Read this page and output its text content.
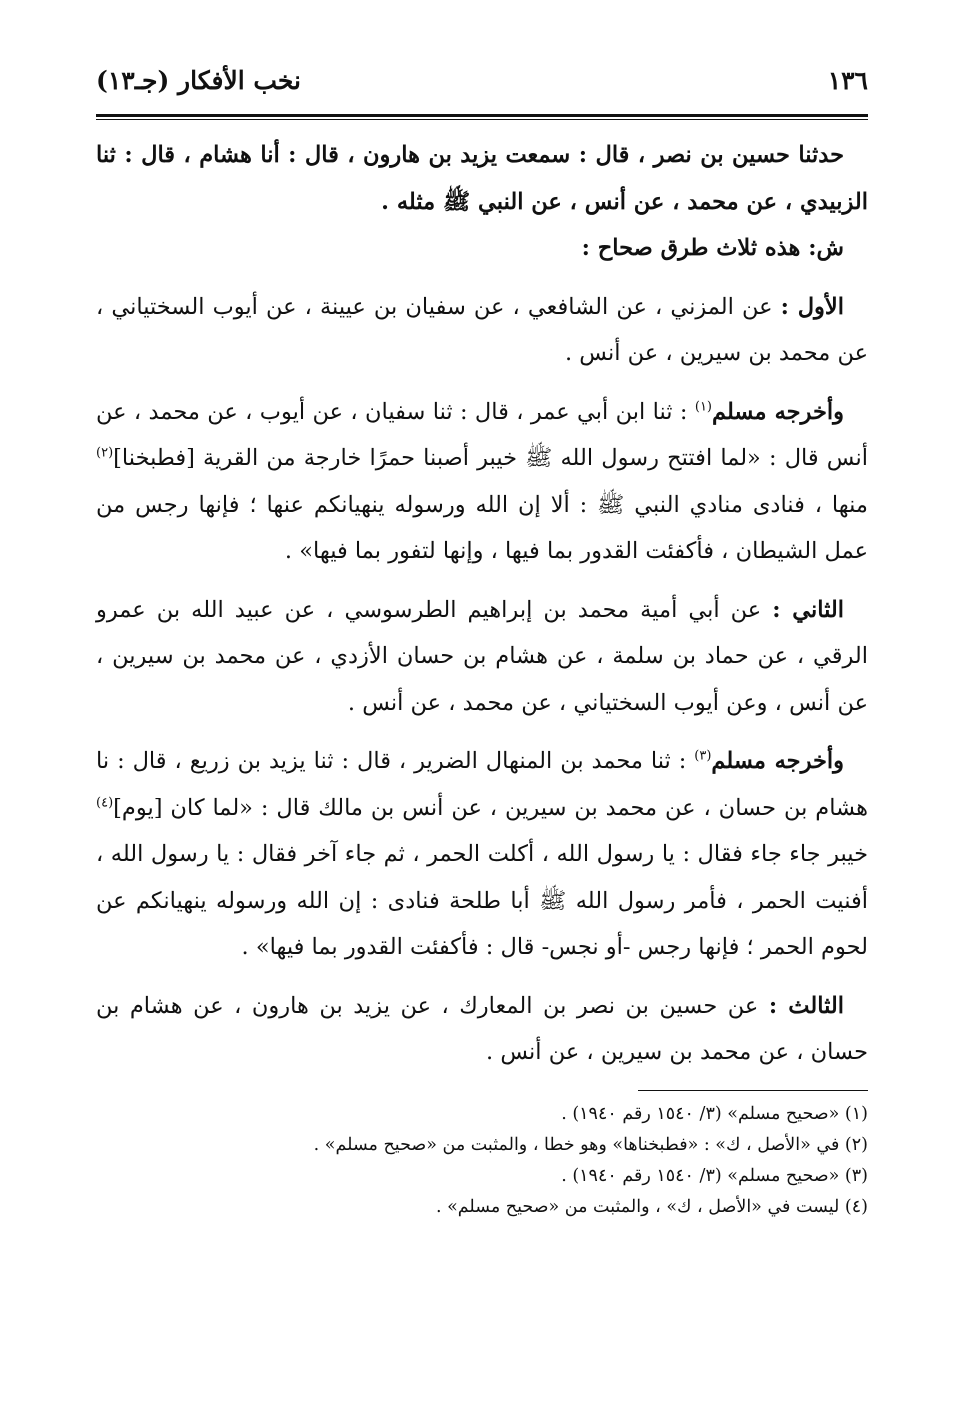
١٣٦
نخب الأفكار (جـ١٣)

حدثنا حسين بن نصر ، قال : سمعت يزيد بن هارون ، قال : أنا هشام ، قال : ثنا الزبيدي ، عن محمد ، عن أنس ، عن النبي ﷺ مثله .

ش: هذه ثلاث طرق صحاح :

الأول : عن المزني ، عن الشافعي ، عن سفيان بن عيينة ، عن أيوب السختياني ، عن محمد بن سيرين ، عن أنس .

وأخرجه مسلم$^{(١)}$ : ثنا ابن أبي عمر ، قال : ثنا سفيان ، عن أيوب ، عن محمد ، عن أنس قال : «لما افتتح رسول الله ﷺ خيبر أصبنا حمرًا خارجة من القرية [فطبخنا]$^{(٢)}$ منها ، فنادى منادي النبي ﷺ : ألا إن الله ورسوله ينهيانكم عنها ؛ فإنها رجس من عمل الشيطان ، فأكفئت القدور بما فيها ، وإنها لتفور بما فيها» .

الثاني : عن أبي أمية محمد بن إبراهيم الطرسوسي ، عن عبيد الله بن عمرو الرقي ، عن حماد بن سلمة ، عن هشام بن حسان الأزدي ، عن محمد بن سيرين ، عن أنس ، وعن أيوب السختياني ، عن محمد ، عن أنس .

وأخرجه مسلم$^{(٣)}$ : ثنا محمد بن المنهال الضرير ، قال : ثنا يزيد بن زريع ، قال : نا هشام بن حسان ، عن محمد بن سيرين ، عن أنس بن مالك قال : «لما كان [يوم]$^{(٤)}$ خيبر جاء جاء فقال : يا رسول الله ، أكلت الحمر ، ثم جاء آخر فقال : يا رسول الله ، أفنيت الحمر ، فأمر رسول الله ﷺ أبا طلحة فنادى : إن الله ورسوله ينهيانكم عن لحوم الحمر ؛ فإنها رجس -أو نجس- قال : فأكفئت القدور بما فيها» .

الثالث : عن حسين بن نصر بن المعارك ، عن يزيد بن هارون ، عن هشام بن حسان ، عن محمد بن سيرين ، عن أنس .

(١) «صحيح مسلم» (٣/ ١٥٤٠ رقم ١٩٤٠) .

(٢) في «الأصل ، ك» : «فطبخناها» وهو خطا ، والمثبت من «صحيح مسلم» .

(٣) «صحيح مسلم» (٣/ ١٥٤٠ رقم ١٩٤٠) .

(٤) ليست في «الأصل ، ك» ، والمثبت من «صحيح مسلم» .
